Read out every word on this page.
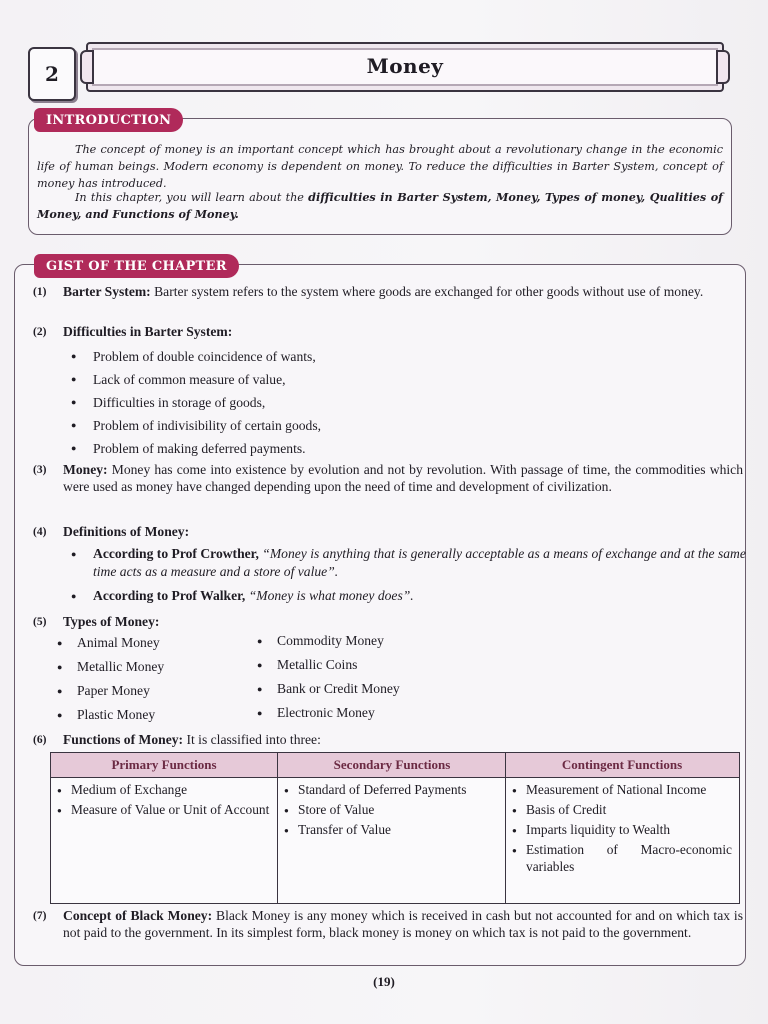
2	Money
The concept of money is an important concept which has brought about a revolutionary change in the economic life of human beings. Modern economy is dependent on money. To reduce the difficulties in Barter System, concept of money has introduced.
In this chapter, you will learn about the difficulties in Barter System, Money, Types of money, Qualities of Money, and Functions of Money.
INTRODUCTION
(1) Barter System: Barter system refers to the system where goods are exchanged for other goods without use of money.
(2) Difficulties in Barter System:
● Problem of double coincidence of wants,
● Lack of common measure of value,
● Difficulties in storage of goods,
● Problem of indivisibility of certain goods,
● Problem of making deferred payments.
(3) Money: Money has come into existence by evolution and not by revolution. With passage of time, the commodities which were used as money have changed depending upon the need of time and development of civilization.
(4) Definitions of Money:
● According to Prof Crowther, “Money is anything that is generally acceptable as a means of exchange and at the same time acts as a measure and a store of value”.
● According to Prof Walker, “Money is what money does”.
(5) Types of Money:
● Animal Money
● Metallic Money
● Paper Money
● Plastic Money
● Commodity Money
● Metallic Coins
● Bank or Credit Money
● Electronic Money
(6) Functions of Money: It is classified into three:
(7) Concept of Black Money: Black Money is any money which is received in cash but not accounted for and on which tax is not paid to the government. In its simplest form, black money is money on which tax is not paid to the government.
GIST OF THE CHAPTER
Primary Functions
● Medium of Exchange
● Measure of Value or Unit of Account
Secondary Functions
● Standard of Deferred Payments
● Store of Value
● Transfer of Value
Contingent Functions
● Measurement of National Income
● Basis of Credit
● Imparts liquidity to Wealth
● Estimation of Macro-economic variables
(19)
